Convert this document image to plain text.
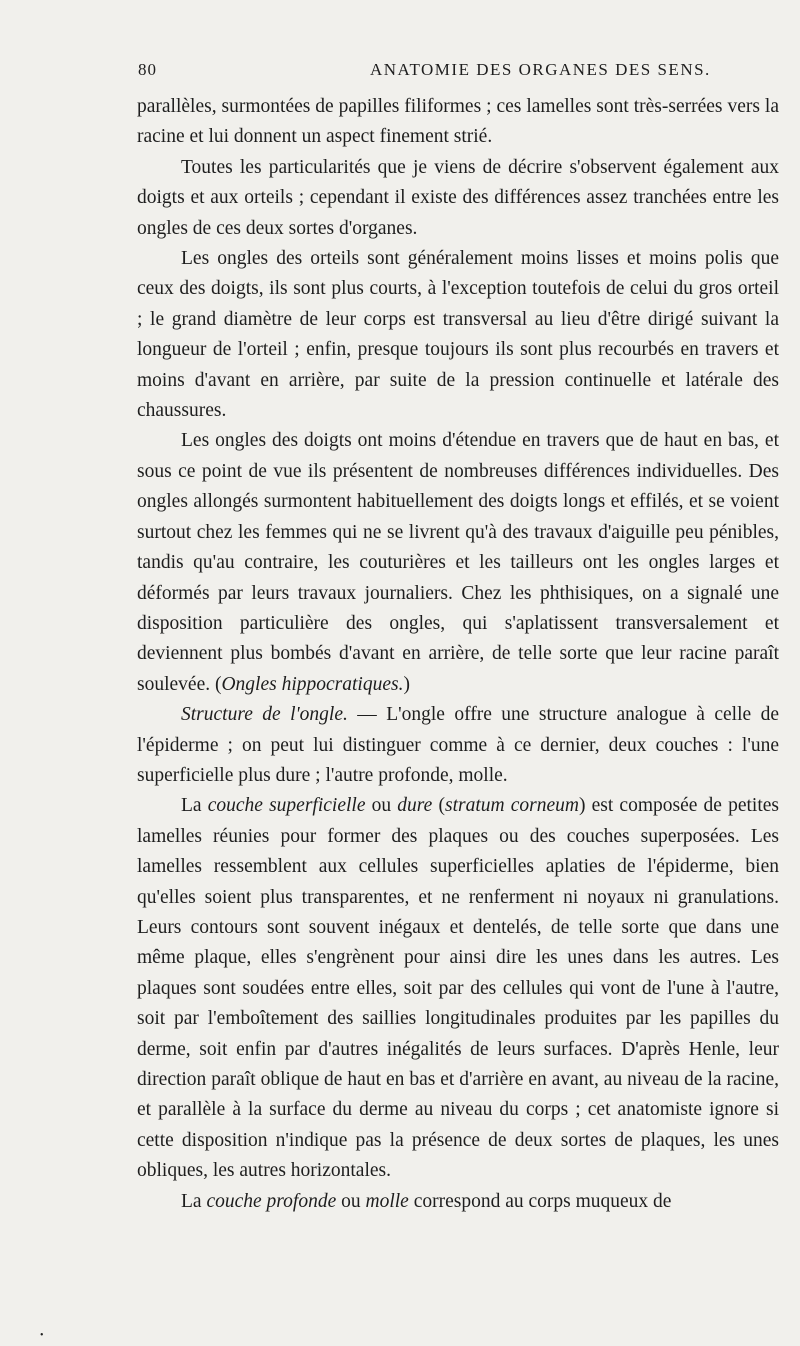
80	ANATOMIE DES ORGANES DES SENS.

parallèles, surmontées de papilles filiformes ; ces lamelles sont très-serrées vers la racine et lui donnent un aspect finement strié.

Toutes les particularités que je viens de décrire s'observent également aux doigts et aux orteils ; cependant il existe des différences assez tranchées entre les ongles de ces deux sortes d'organes.

Les ongles des orteils sont généralement moins lisses et moins polis que ceux des doigts, ils sont plus courts, à l'exception toutefois de celui du gros orteil ; le grand diamètre de leur corps est transversal au lieu d'être dirigé suivant la longueur de l'orteil ; enfin, presque toujours ils sont plus recourbés en travers et moins d'avant en arrière, par suite de la pression continuelle et latérale des chaussures.

Les ongles des doigts ont moins d'étendue en travers que de haut en bas, et sous ce point de vue ils présentent de nombreuses différences individuelles. Des ongles allongés surmontent habituellement des doigts longs et effilés, et se voient surtout chez les femmes qui ne se livrent qu'à des travaux d'aiguille peu pénibles, tandis qu'au contraire, les couturières et les tailleurs ont les ongles larges et déformés par leurs travaux journaliers. Chez les phthisiques, on a signalé une disposition particulière des ongles, qui s'aplatissent transversalement et deviennent plus bombés d'avant en arrière, de telle sorte que leur racine paraît soulevée. (Ongles hippocratiques.)

Structure de l'ongle. — L'ongle offre une structure analogue à celle de l'épiderme ; on peut lui distinguer comme à ce dernier, deux couches : l'une superficielle plus dure ; l'autre profonde, molle.

La couche superficielle ou dure (stratum corneum) est composée de petites lamelles réunies pour former des plaques ou des couches superposées. Les lamelles ressemblent aux cellules superficielles aplaties de l'épiderme, bien qu'elles soient plus transparentes, et ne renferment ni noyaux ni granulations. Leurs contours sont souvent inégaux et dentelés, de telle sorte que dans une même plaque, elles s'engrènent pour ainsi dire les unes dans les autres. Les plaques sont soudées entre elles, soit par des cellules qui vont de l'une à l'autre, soit par l'emboîtement des saillies longitudinales produites par les papilles du derme, soit enfin par d'autres inégalités de leurs surfaces. D'après Henle, leur direction paraît oblique de haut en bas et d'arrière en avant, au niveau de la racine, et parallèle à la surface du derme au niveau du corps ; cet anatomiste ignore si cette disposition n'indique pas la présence de deux sortes de plaques, les unes obliques, les autres horizontales.

La couche profonde ou molle correspond au corps muqueux de

•
